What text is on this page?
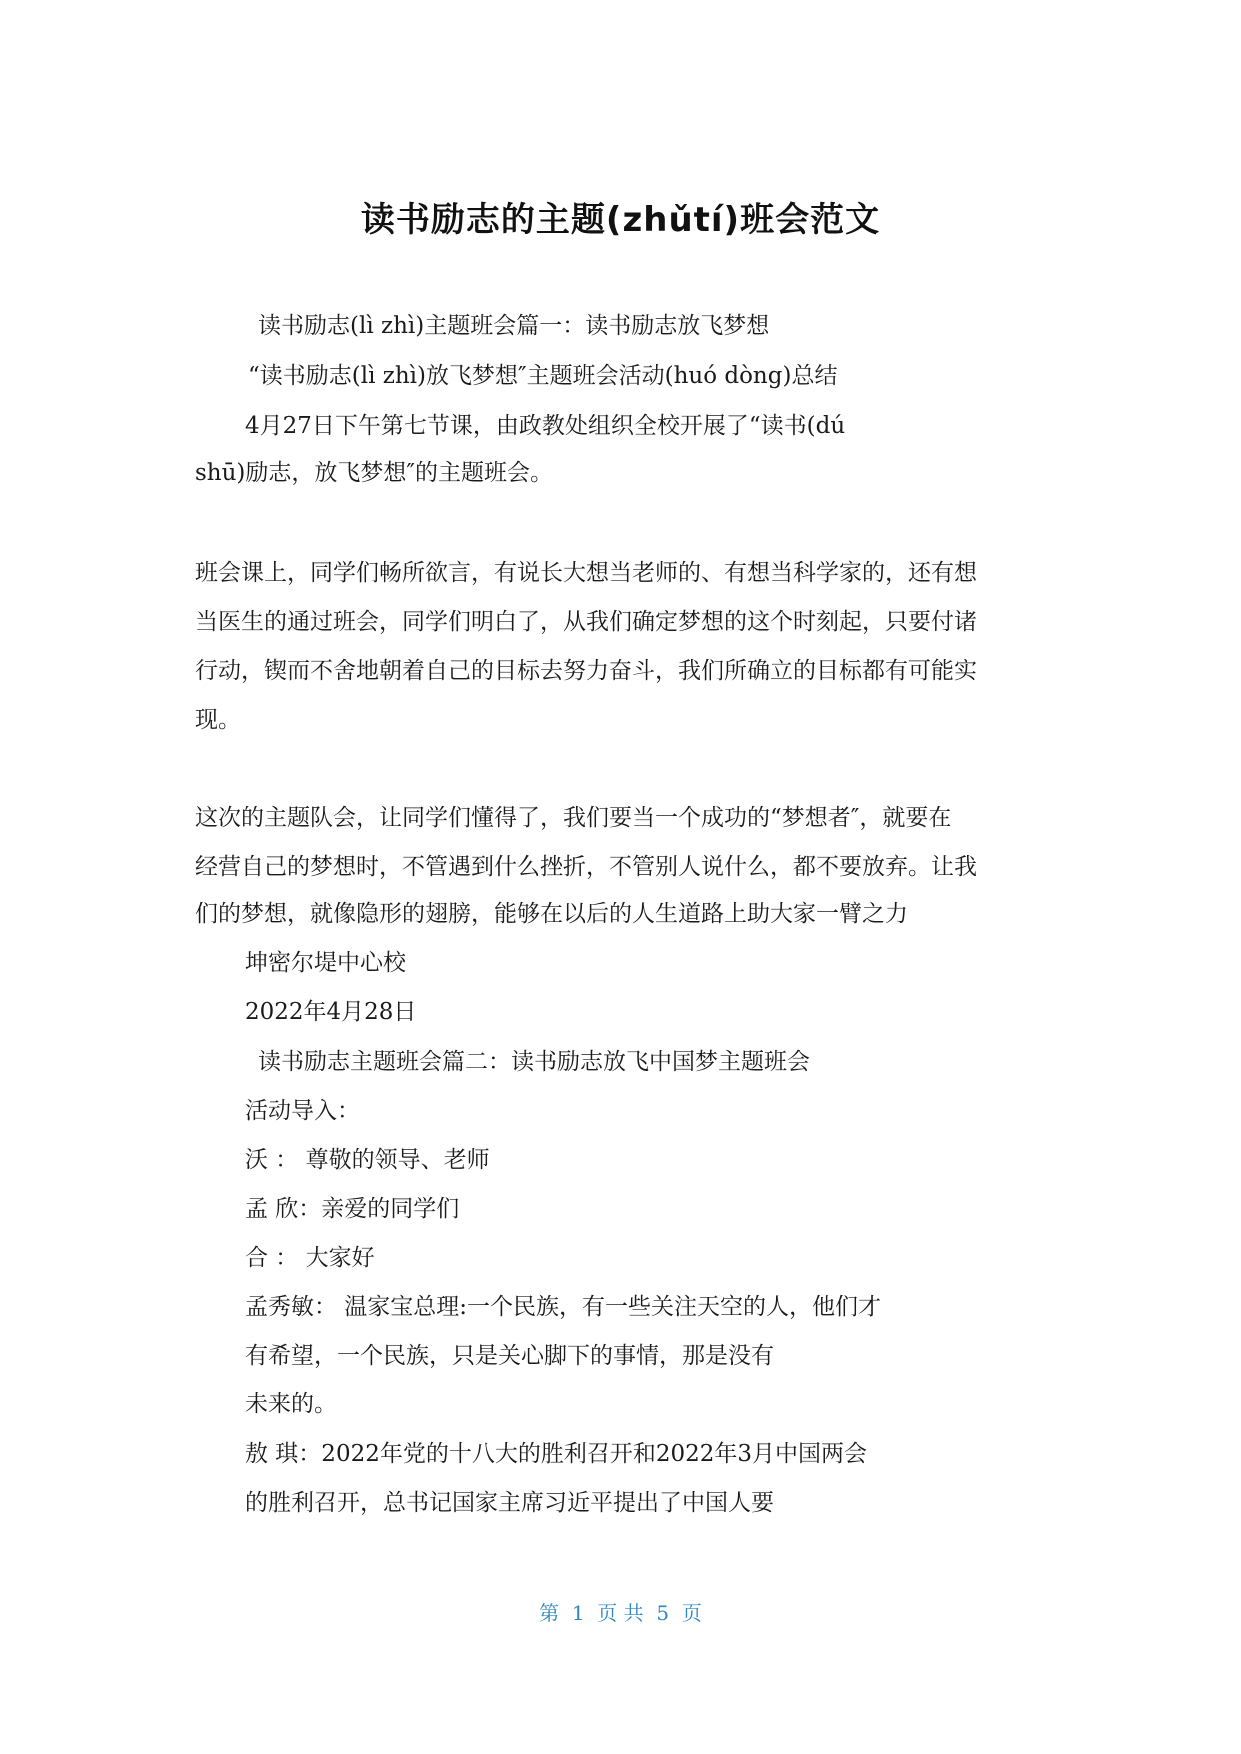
读书励志的主题(zhǔtí)班会范文
读书励志(lì zhì)主题班会篇一：读书励志放飞梦想
“读书励志(lì zhì)放飞梦想″主题班会活动(huó dòng)总结
4月27日下午第七节课，由政教处组织全校开展了“读书(dú
shū)励志，放飞梦想″的主题班会。
班会课上，同学们畅所欲言，有说长大想当老师的、有想当科学家的，还有想
当医生的通过班会，同学们明白了，从我们确定梦想的这个时刻起，只要付诸
行动，锲而不舍地朝着自己的目标去努力奋斗，我们所确立的目标都有可能实
现。
这次的主题队会，让同学们懂得了，我们要当一个成功的“梦想者″，就要在
经营自己的梦想时，不管遇到什么挫折，不管别人说什么，都不要放弃。让我
们的梦想，就像隐形的翅膀，能够在以后的人生道路上助大家一臂之力
坤密尔堤中心校
2022年4月28日
读书励志主题班会篇二：读书励志放飞中国梦主题班会
活动导入：
沃 ： 尊敬的领导、老师
孟 欣：亲爱的同学们
合 ： 大家好
孟秀敏： 温家宝总理:一个民族，有一些关注天空的人，他们才
有希望，一个民族，只是关心脚下的事情，那是没有
未来的。
敖 琪：2022年党的十八大的胜利召开和2022年3月中国两会
的胜利召开，总书记国家主席习近平提出了中国人要
第  1  页 共  5  页
